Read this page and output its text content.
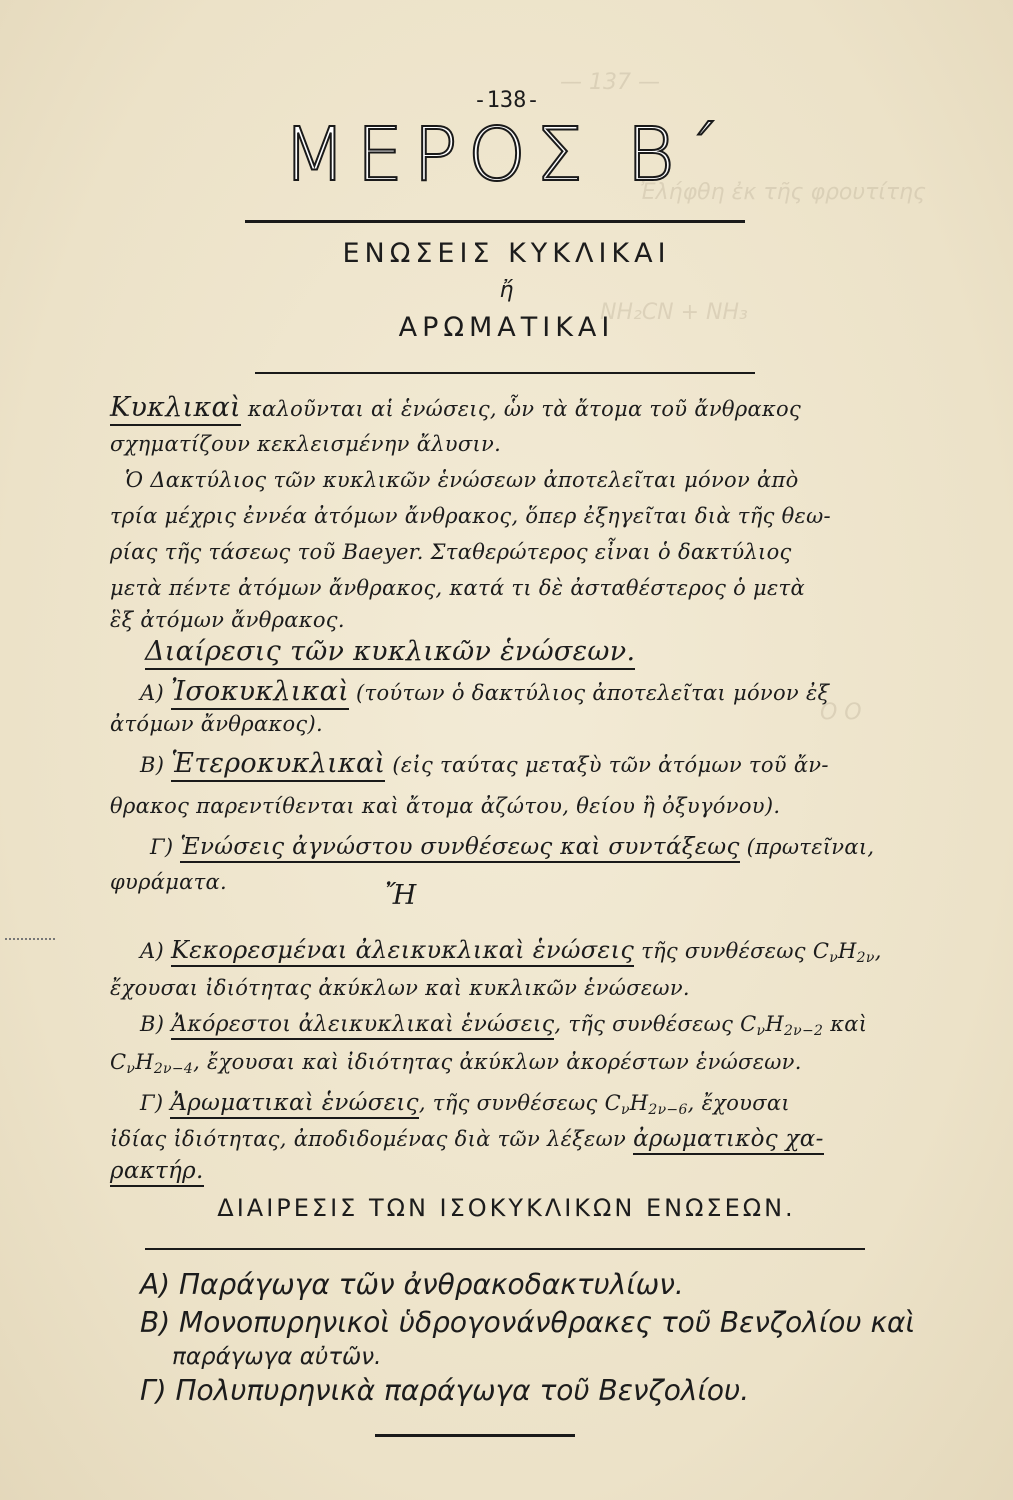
— 137 —
Ἐλήφθη ἐκ τῆς φρουτίτης
NH₂CN + NH₃
Ο Ο
-138-
ΜΕΡΟΣ Β΄
ΕΝΩΣΕΙΣ ΚΥΚΛΙΚΑΙ
ἤ
ΑΡΩΜΑΤΙΚΑΙ
Κυκλικαὶ καλοῦνται αἱ ἑνώσεις, ὧν τὰ ἄτομα τοῦ ἄνθρακος
σχηματίζουν κεκλεισμένην ἄλυσιν.
Ὁ Δακτύλιος τῶν κυκλικῶν ἑνώσεων ἀποτελεῖται μόνον ἀπὸ
τρία μέχρις ἐννέα ἀτόμων ἄνθρακος, ὅπερ ἐξηγεῖται διὰ τῆς θεω-
ρίας τῆς τάσεως τοῦ Baeyer. Σταθερώτερος εἶναι ὁ δακτύλιος
μετὰ πέντε ἀτόμων ἄνθρακος, κατά τι δὲ ἀσταθέστερος ὁ μετὰ
ἓξ ἀτόμων ἄνθρακος.
Διαίρεσις τῶν κυκλικῶν ἑνώσεων.
Α) Ἰσοκυκλικαὶ (τούτων ὁ δακτύλιος ἀποτελεῖται μόνον ἐξ
ἀτόμων ἄνθρακος).
Β) Ἑτεροκυκλικαὶ (εἰς ταύτας μεταξὺ τῶν ἀτόμων τοῦ ἄν-
θρακος παρεντίθενται καὶ ἄτομα ἀζώτου, θείου ἢ ὀξυγόνου).
Γ) Ἑνώσεις ἀγνώστου συνθέσεως καὶ συντάξεως (πρωτεῖναι,
φυράματα.	Ἤ
Α) Κεκορεσμέναι ἀλεικυκλικαὶ ἑνώσεις τῆς συνθέσεως $C_\nu H_{2\nu}$,
ἔχουσαι ἰδιότητας ἀκύκλων καὶ κυκλικῶν ἑνώσεων.
Β) Ἀκόρεστοι ἀλεικυκλικαὶ ἑνώσεις, τῆς συνθέσεως $C_\nu H_{2\nu-2}$ καὶ
$C_\nu H_{2\nu-4}$, ἔχουσαι καὶ ἰδιότητας ἀκύκλων ἀκορέστων ἑνώσεων.
Γ) Ἀρωματικαὶ ἑνώσεις, τῆς συνθέσεως $C_\nu H_{2\nu-6}$, ἔχουσαι
ἰδίας ἰδιότητας, ἀποδιδομένας διὰ τῶν λέξεων ἀρωματικὸς χα-
ρακτήρ.
ΔΙΑΙΡΕΣΙΣ ΤΩΝ ΙΣΟΚΥΚΛΙΚΩΝ ΕΝΩΣΕΩΝ.
Α) Παράγωγα τῶν ἀνθρακοδακτυλίων.
Β) Μονοπυρηνικοὶ ὑδρογονάνθρακες τοῦ Βενζολίου καὶ
παράγωγα αὐτῶν.
Γ) Πολυπυρηνικὰ παράγωγα τοῦ Βενζολίου.
